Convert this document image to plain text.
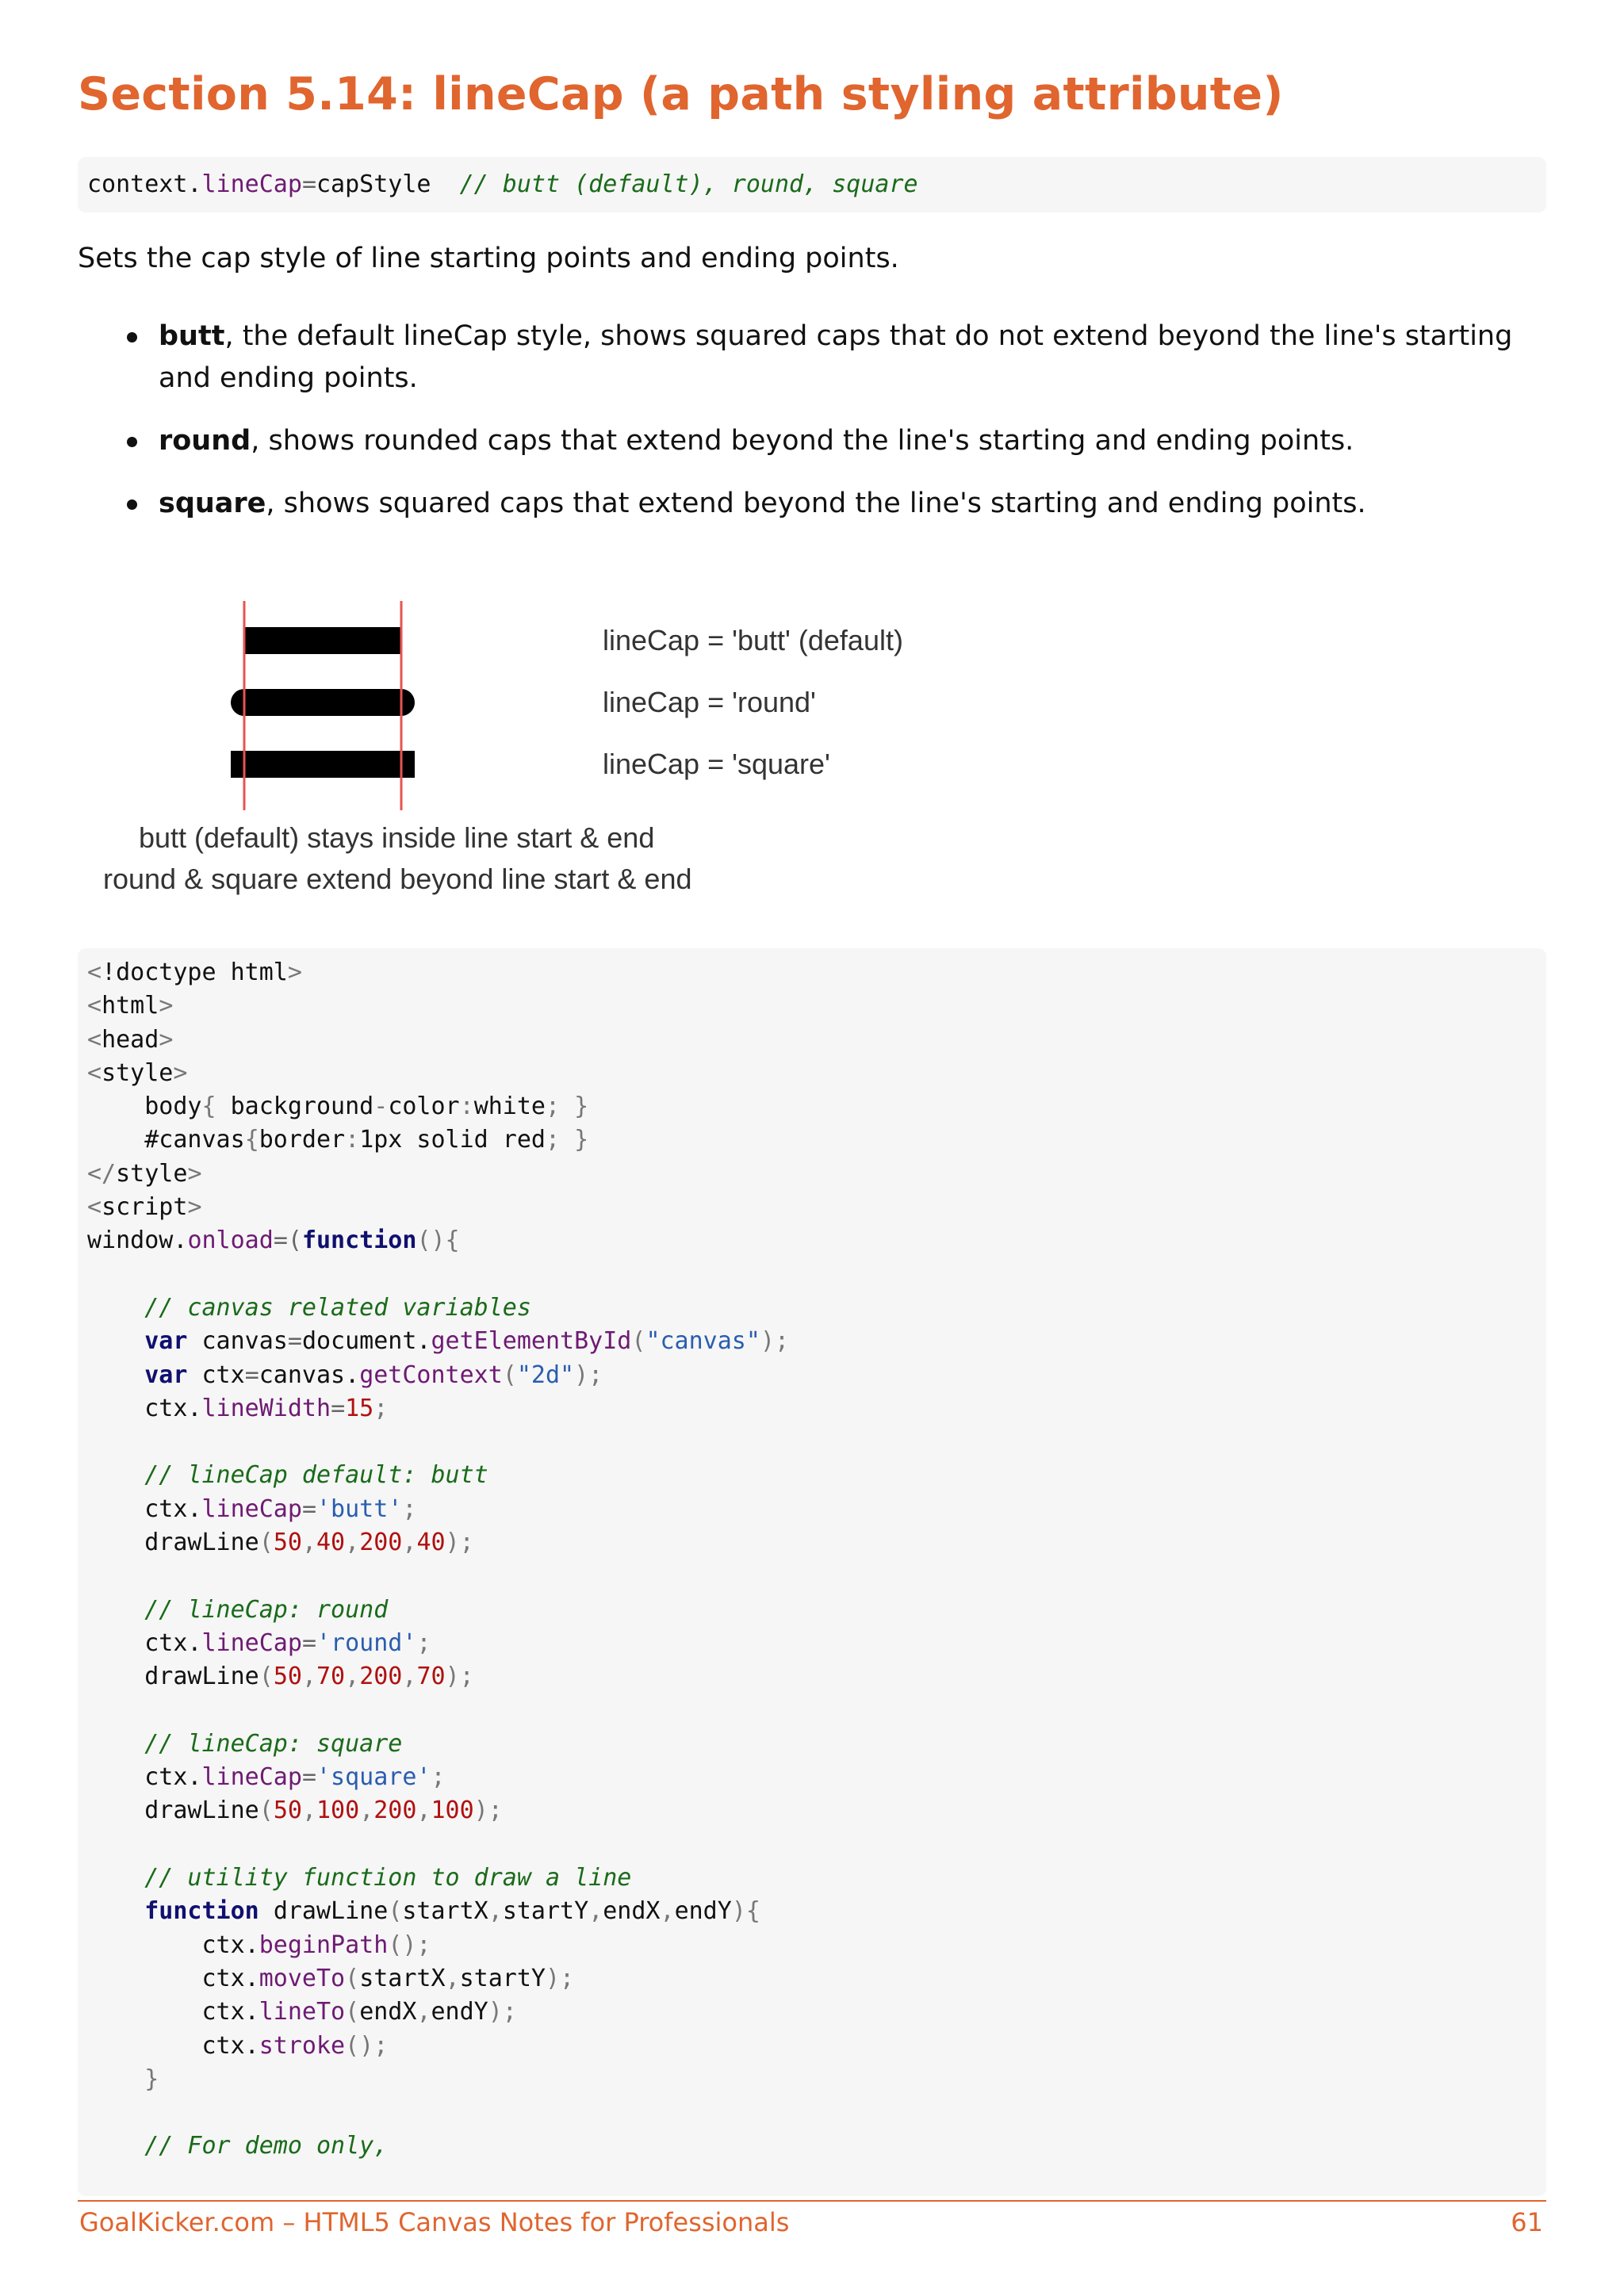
Section 5.14: lineCap (a path styling attribute)
context.lineCap=capStyle  // butt (default), round, square

Sets the cap style of line starting points and ending points.

butt, the default lineCap style, shows squared caps that do not extend beyond the line's starting and ending points.
round, shows rounded caps that extend beyond the line's starting and ending points.
square, shows squared caps that extend beyond the line's starting and ending points.
lineCap = 'butt' (default)
lineCap = 'round'
lineCap = 'square'
butt (default) stays inside line start & end
round & square extend beyond line start & end
<!doctype html>
<html>
<head>
<style>
body{ background-color:white; }
#canvas{border:1px solid red; }
</style>
<script>
window.onload=(function(){

// canvas related variables
var canvas=document.getElementById("canvas");
var ctx=canvas.getContext("2d");
ctx.lineWidth=15;

// lineCap default: butt
ctx.lineCap='butt';
drawLine(50,40,200,40);

// lineCap: round
ctx.lineCap='round';
drawLine(50,70,200,70);

// lineCap: square
ctx.lineCap='square';
drawLine(50,100,200,100);

// utility function to draw a line
function drawLine(startX,startY,endX,endY){
ctx.beginPath();
ctx.moveTo(startX,startY);
ctx.lineTo(endX,endY);
ctx.stroke();
}

// For demo only,
GoalKicker.com – HTML5 Canvas Notes for Professionals	61
